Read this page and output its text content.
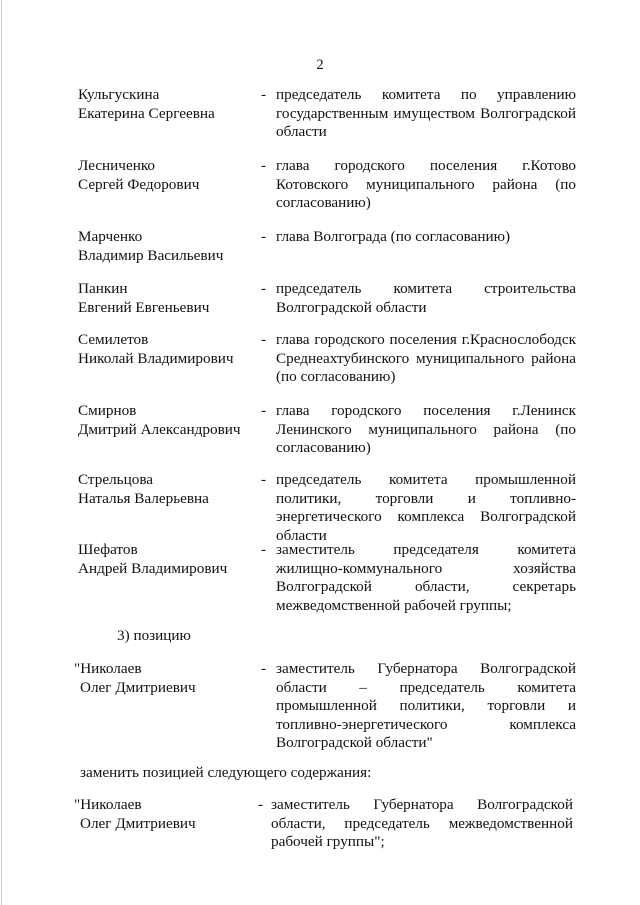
2
Кульгускина
Екатерина Сергеевна
- председатель комитета по управлению государственным имуществом Волгоградской области
Лесниченко
Сергей Федорович
- глава городского поселения г.Котово Котовского муниципального района (по согласованию)
Марченко
Владимир Васильевич
- глава Волгограда (по согласованию)
Панкин
Евгений Евгеньевич
- председатель комитета строительства Волгоградской области
Семилетов
Николай Владимирович
- глава городского поселения г.Краснослободск Среднеахтубинского муниципального района (по согласованию)
Смирнов
Дмитрий Александрович
- глава городского поселения г.Ленинск Ленинского муниципального района (по согласованию)
Стрельцова
Наталья Валерьевна
- председатель комитета промышленной политики, торговли и топливно-энергетического комплекса Волгоградской области
Шефатов
Андрей Владимирович
- заместитель председателя комитета жилищно-коммунального хозяйства Волгоградской области, секретарь межведомственной рабочей группы;
3) позицию
"Николаев
Олег Дмитриевич
- заместитель Губернатора Волгоградской области – председатель комитета промышленной политики, торговли и топливно-энергетического комплекса Волгоградской области"
заменить позицией следующего содержания:
"Николаев
Олег Дмитриевич
- заместитель Губернатора Волгоградской области, председатель межведомственной рабочей группы";
